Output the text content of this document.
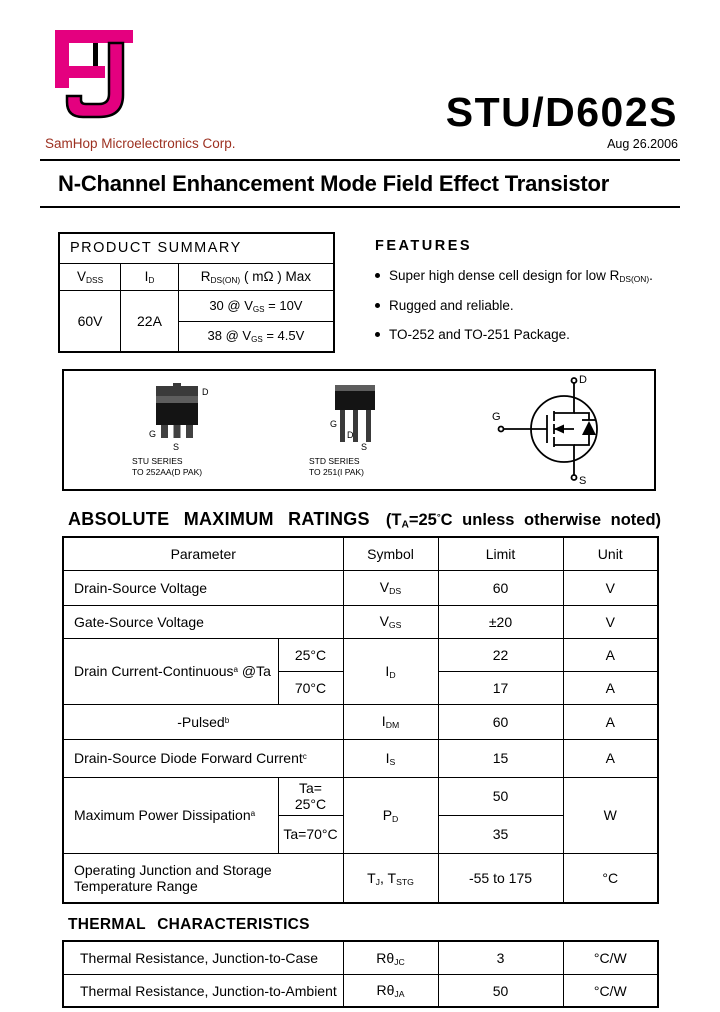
SamHop Microelectronics Corp.
STU/D602S
Aug 26.2006
N-Channel Enhancement Mode Field Effect Transistor
PRODUCT SUMMARY		
$V_{DSS}$	$I_D$	$R_{DS(ON)}$ ( mΩ ) Max
60V	22A	30 @ $V_{GS} = 10V$
		38 @ $V_{GS} = 4.5V$
FEATURES
Super high dense cell design for low $R_{DS(ON)}$.
Rugged and reliable.
TO-252 and TO-251 Package.
D
G
S
STU SERIES
TO 252AA(D PAK)
G
D
S
STD SERIES
TO 251(I PAK)
D
G
S
ABSOLUTE MAXIMUM RATINGS ($T_A=25^\circ C$ unless otherwise noted)
Parameter		Symbol	Limit	Unit
Drain-Source Voltage		$V_{DS}$	60	V
Gate-Source Voltage		$V_{GS}$	±20	V
Drain Current-Continuous$^a$ @Ta	25°C	$I_D$	22	A
	70°C		17	A
-Pulsed$^b$		$I_{DM}$	60	A
Drain-Source Diode Forward Current$^c$		$I_S$	15	A
Maximum Power Dissipation$^a$	Ta= 25°C	$P_D$	50	W
	Ta=70°C		35	
Operating Junction and Storage Temperature Range		$T_J$, $T_{STG}$	-55 to 175	°C
THERMAL CHARACTERISTICS
Thermal Resistance, Junction-to-Case	$R\theta_{JC}$	3	°C/W
Thermal Resistance, Junction-to-Ambient	$R\theta_{JA}$	50	°C/W
